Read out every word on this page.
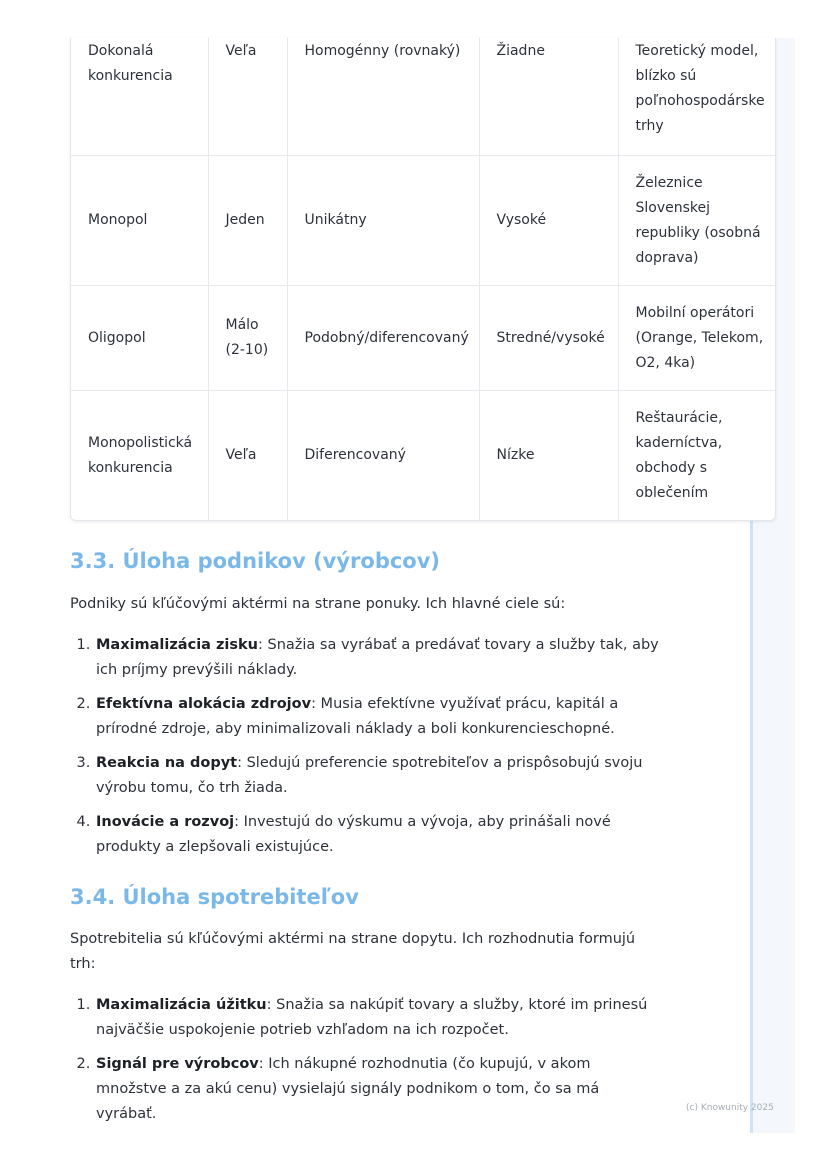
Dokonalá konkurencia	Veľa	Homogénny (rovnaký)	Žiadne	Teoretický model, blízko sú poľnohospodárske trhy
Monopol	Jeden	Unikátny	Vysoké	Železnice Slovenskej republiky (osobná doprava)
Oligopol	Málo (2-10)	Podobný/diferencovaný	Stredné/vysoké	Mobilní operátori (Orange, Telekom, O2, 4ka)
Monopolistická konkurencia	Veľa	Diferencovaný	Nízke	Reštaurácie, kaderníctva, obchody s oblečením
3.3. Úloha podnikov (výrobcov)

Podniky sú kľúčovými aktérmi na strane ponuky. Ich hlavné ciele sú:

1. Maximalizácia zisku: Snažia sa vyrábať a predávať tovary a služby tak, aby ich príjmy prevýšili náklady.
2. Efektívna alokácia zdrojov: Musia efektívne využívať prácu, kapitál a prírodné zdroje, aby minimalizovali náklady a boli konkurencieschopné.
3. Reakcia na dopyt: Sledujú preferencie spotrebiteľov a prispôsobujú svoju výrobu tomu, čo trh žiada.
4. Inovácie a rozvoj: Investujú do výskumu a vývoja, aby prinášali nové produkty a zlepšovali existujúce.
3.4. Úloha spotrebiteľov

Spotrebitelia sú kľúčovými aktérmi na strane dopytu. Ich rozhodnutia formujú trh:

1. Maximalizácia úžitku: Snažia sa nakúpiť tovary a služby, ktoré im prinesú najväčšie uspokojenie potrieb vzhľadom na ich rozpočet.
2. Signál pre výrobcov: Ich nákupné rozhodnutia (čo kupujú, v akom množstve a za akú cenu) vysielajú signály podnikom o tom, čo sa má vyrábať.	(c) Knowunity 2025
